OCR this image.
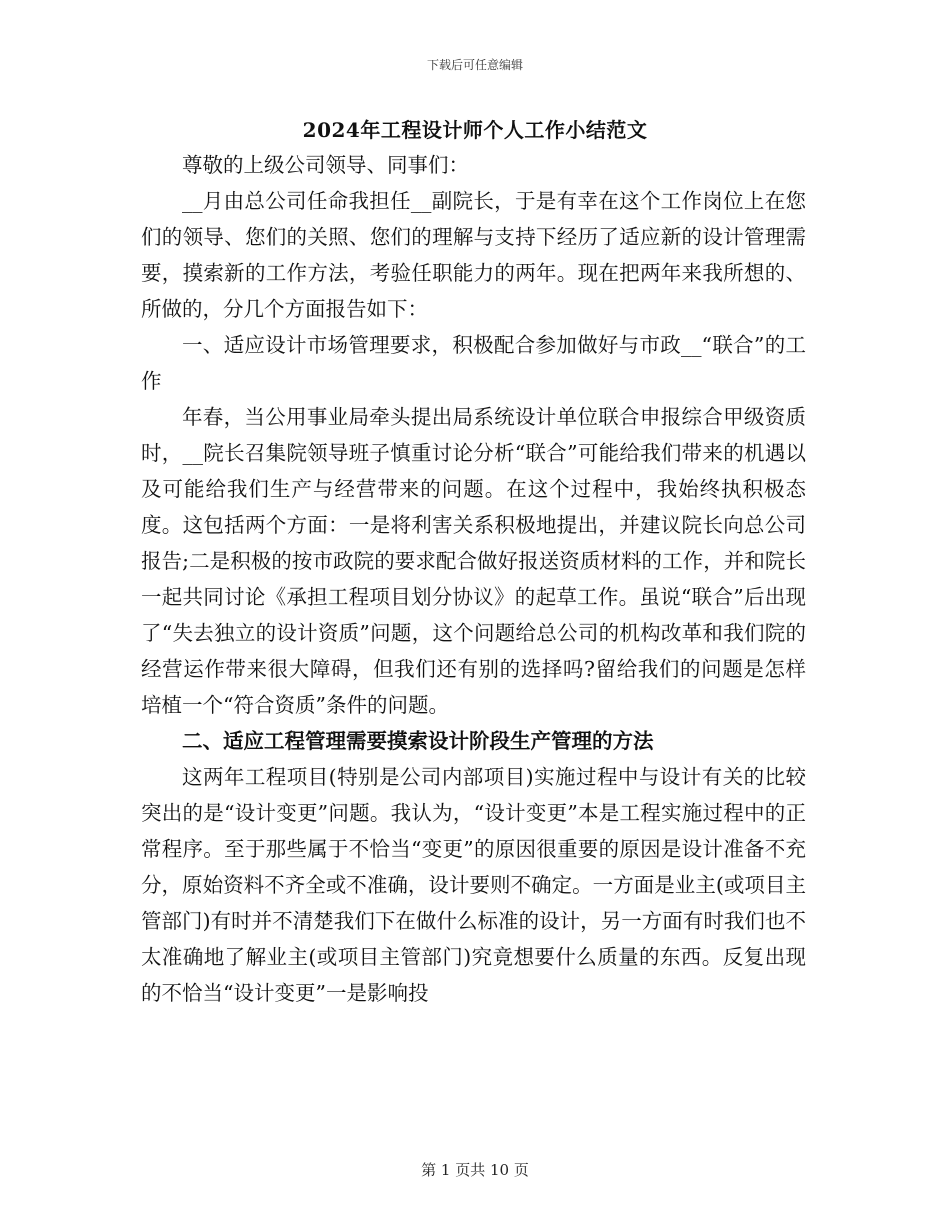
下载后可任意编辑
2024年工程设计师个人工作小结范文

尊敬的上级公司领导、同事们：

__月由总公司任命我担任__副院长，于是有幸在这个工作岗位上在您们的领导、您们的关照、您们的理解与支持下经历了适应新的设计管理需要，摸索新的工作方法，考验任职能力的两年。现在把两年来我所想的、所做的，分几个方面报告如下：

一、适应设计市场管理要求，积极配合参加做好与市政__“联合”的工作

年春，当公用事业局牵头提出局系统设计单位联合申报综合甲级资质时，__院长召集院领导班子慎重讨论分析“联合”可能给我们带来的机遇以及可能给我们生产与经营带来的问题。在这个过程中，我始终执积极态度。这包括两个方面：一是将利害关系积极地提出，并建议院长向总公司报告;二是积极的按市政院的要求配合做好报送资质材料的工作，并和院长一起共同讨论《承担工程项目划分协议》的起草工作。虽说“联合”后出现了“失去独立的设计资质”问题，这个问题给总公司的机构改革和我们院的经营运作带来很大障碍，但我们还有别的选择吗?留给我们的问题是怎样培植一个“符合资质”条件的问题。

二、适应工程管理需要摸索设计阶段生产管理的方法

这两年工程项目(特别是公司内部项目)实施过程中与设计有关的比较突出的是“设计变更”问题。我认为，“设计变更”本是工程实施过程中的正常程序。至于那些属于不恰当“变更”的原因很重要的原因是设计准备不充分，原始资料不齐全或不准确，设计要则不确定。一方面是业主(或项目主管部门)有时并不清楚我们下在做什么标准的设计，另一方面有时我们也不太准确地了解业主(或项目主管部门)究竟想要什么质量的东西。反复出现的不恰当“设计变更”一是影响投

第 1 页共 10 页
